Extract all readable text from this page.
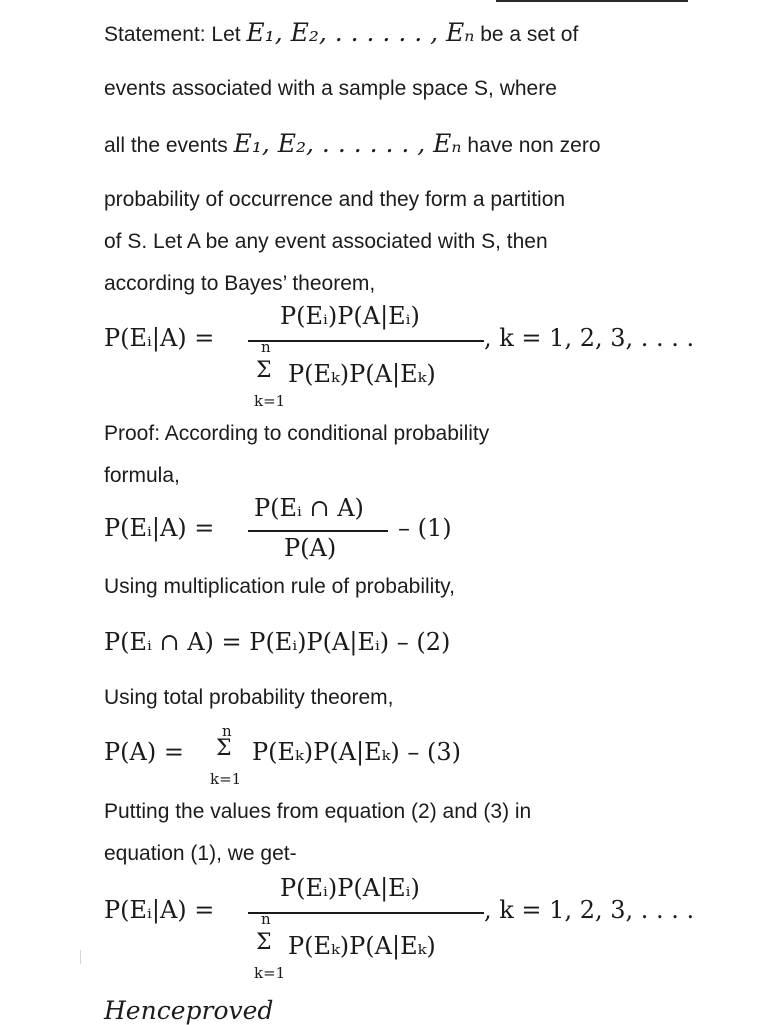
Statement: Let E₁, E₂, . . . . . . , Eₙ be a set of
events associated with a sample space S, where
all the events E₁, E₂, . . . . . . , Eₙ have non zero
probability of occurrence and they form a partition
of S. Let A be any event associated with S, then
according to Bayes’ theorem,
P(Eᵢ|A) =
P(Eᵢ)P(A|Eᵢ)
n
Σ P(Eₖ)P(A|Eₖ)
k=1
, k = 1, 2, 3, . . . .
Proof: According to conditional probability
formula,
P(Eᵢ|A) =
P(Eᵢ ∩ A)
P(A)
– (1)
Using multiplication rule of probability,
P(Eᵢ ∩ A) = P(Eᵢ)P(A|Eᵢ) – (2)
Using total probability theorem,
P(A) =
n
Σ
k=1
P(Eₖ)P(A|Eₖ) – (3)
Putting the values from equation (2) and (3) in
equation (1), we get-
P(Eᵢ|A) =
P(Eᵢ)P(A|Eᵢ)
n
Σ P(Eₖ)P(A|Eₖ)
k=1
, k = 1, 2, 3, . . . .
Henceproved
